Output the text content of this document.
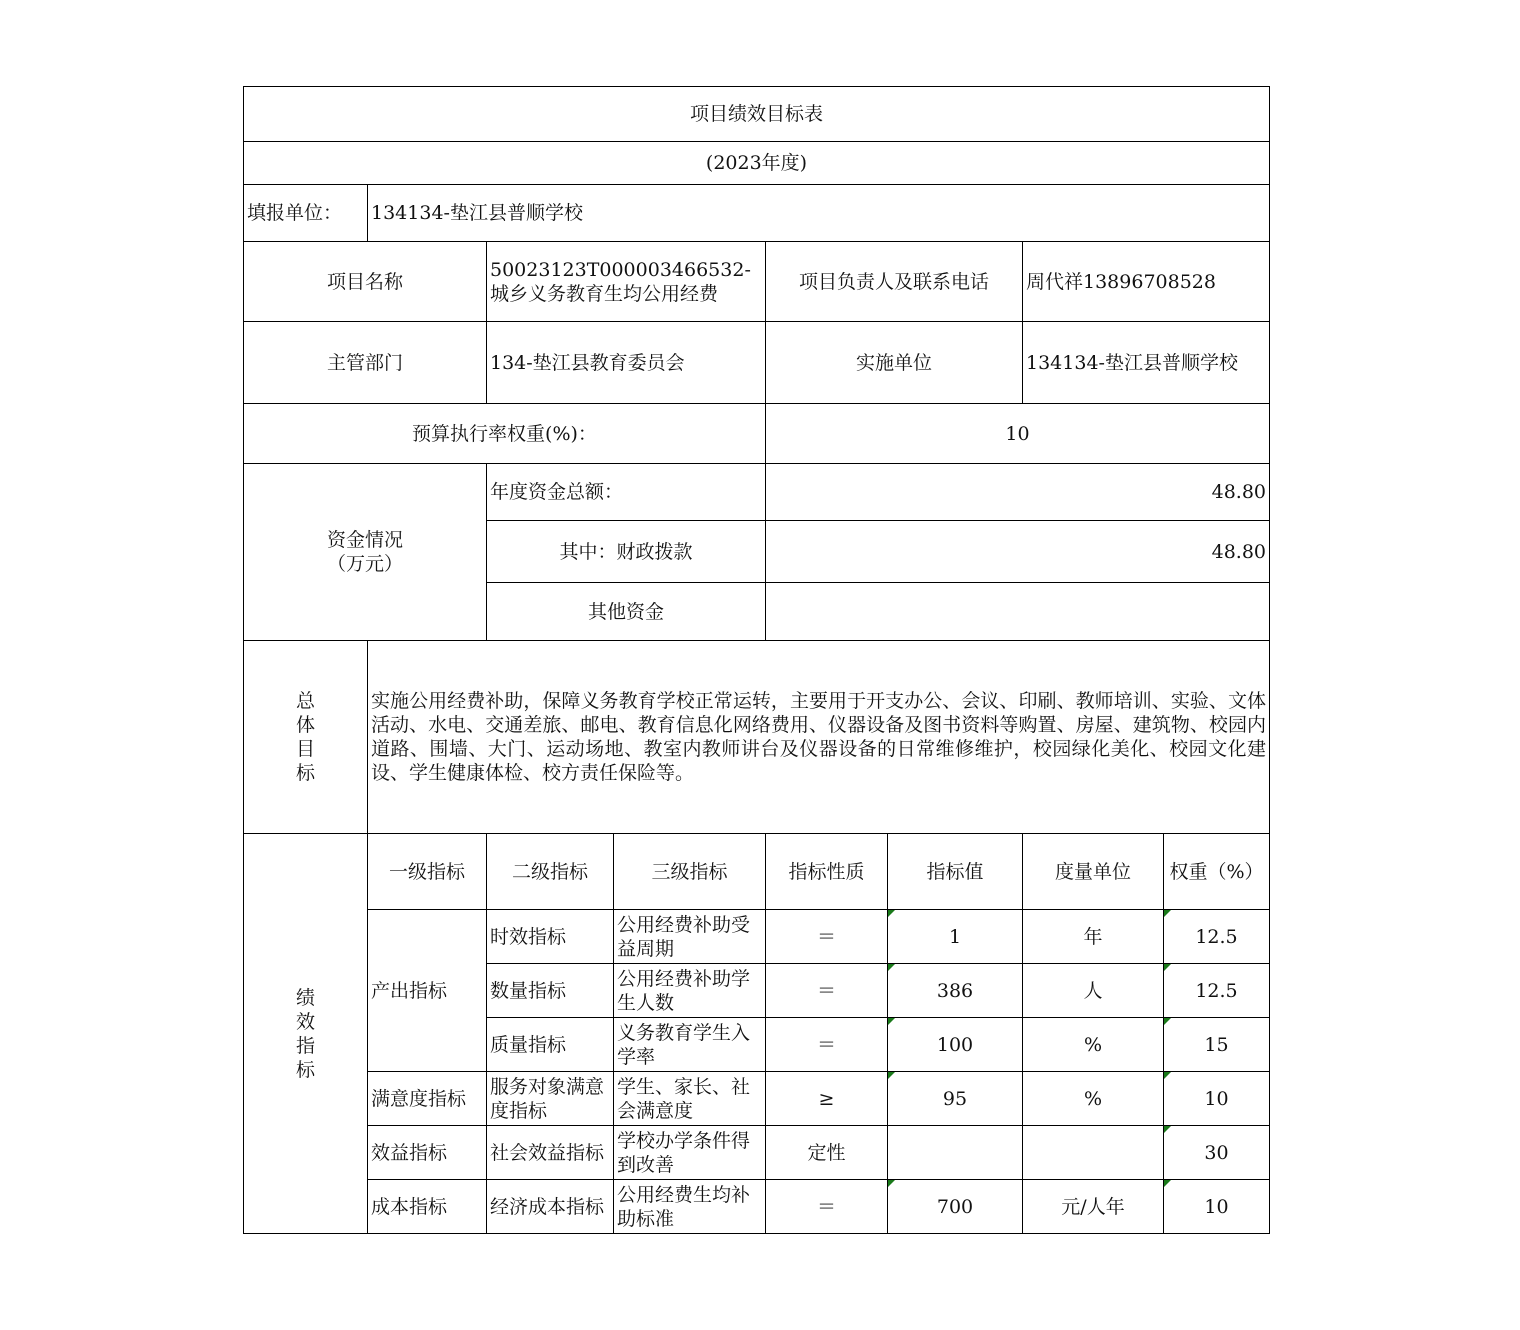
项目绩效目标表							
(2023年度)							
填报单位：	134134-垫江县普顺学校						
项目名称		50023123T000003466532-城乡义务教育生均公用经费		项目负责人及联系电话		周代祥13896708528	
主管部门		134-垫江县教育委员会		实施单位		134134-垫江县普顺学校	
预算执行率权重(%)：				10			

资金情况
（万元）		年度资金总额：		48.80			
		其中：财政拨款		48.80			
		其他资金					
总体目标	实施公用经费补助，保障义务教育学校正常运转，主要用于开支办公、会议、印刷、教师培训、实验、文体活动、水电、交通差旅、邮电、教育信息化网络费用、仪器设备及图书资料等购置、房屋、建筑物、校园内道路、围墙、大门、运动场地、教室内教师讲台及仪器设备的日常维修维护，校园绿化美化、校园文化建设、学生健康体检、校方责任保险等。						
绩效指标	一级指标	二级指标	三级指标	指标性质	指标值	度量单位	权重（%）
	产出指标	时效指标	公用经费补助受益周期	＝	1	年	12.5
		数量指标	公用经费补助学生人数	＝	386	人	12.5
		质量指标	义务教育学生入学率	＝	100	%	15
	满意度指标	服务对象满意度指标	学生、家长、社会满意度	≥	95	%	10
	效益指标	社会效益指标	学校办学条件得到改善	定性			30
	成本指标	经济成本指标	公用经费生均补助标准	＝	700	元/人年	10
